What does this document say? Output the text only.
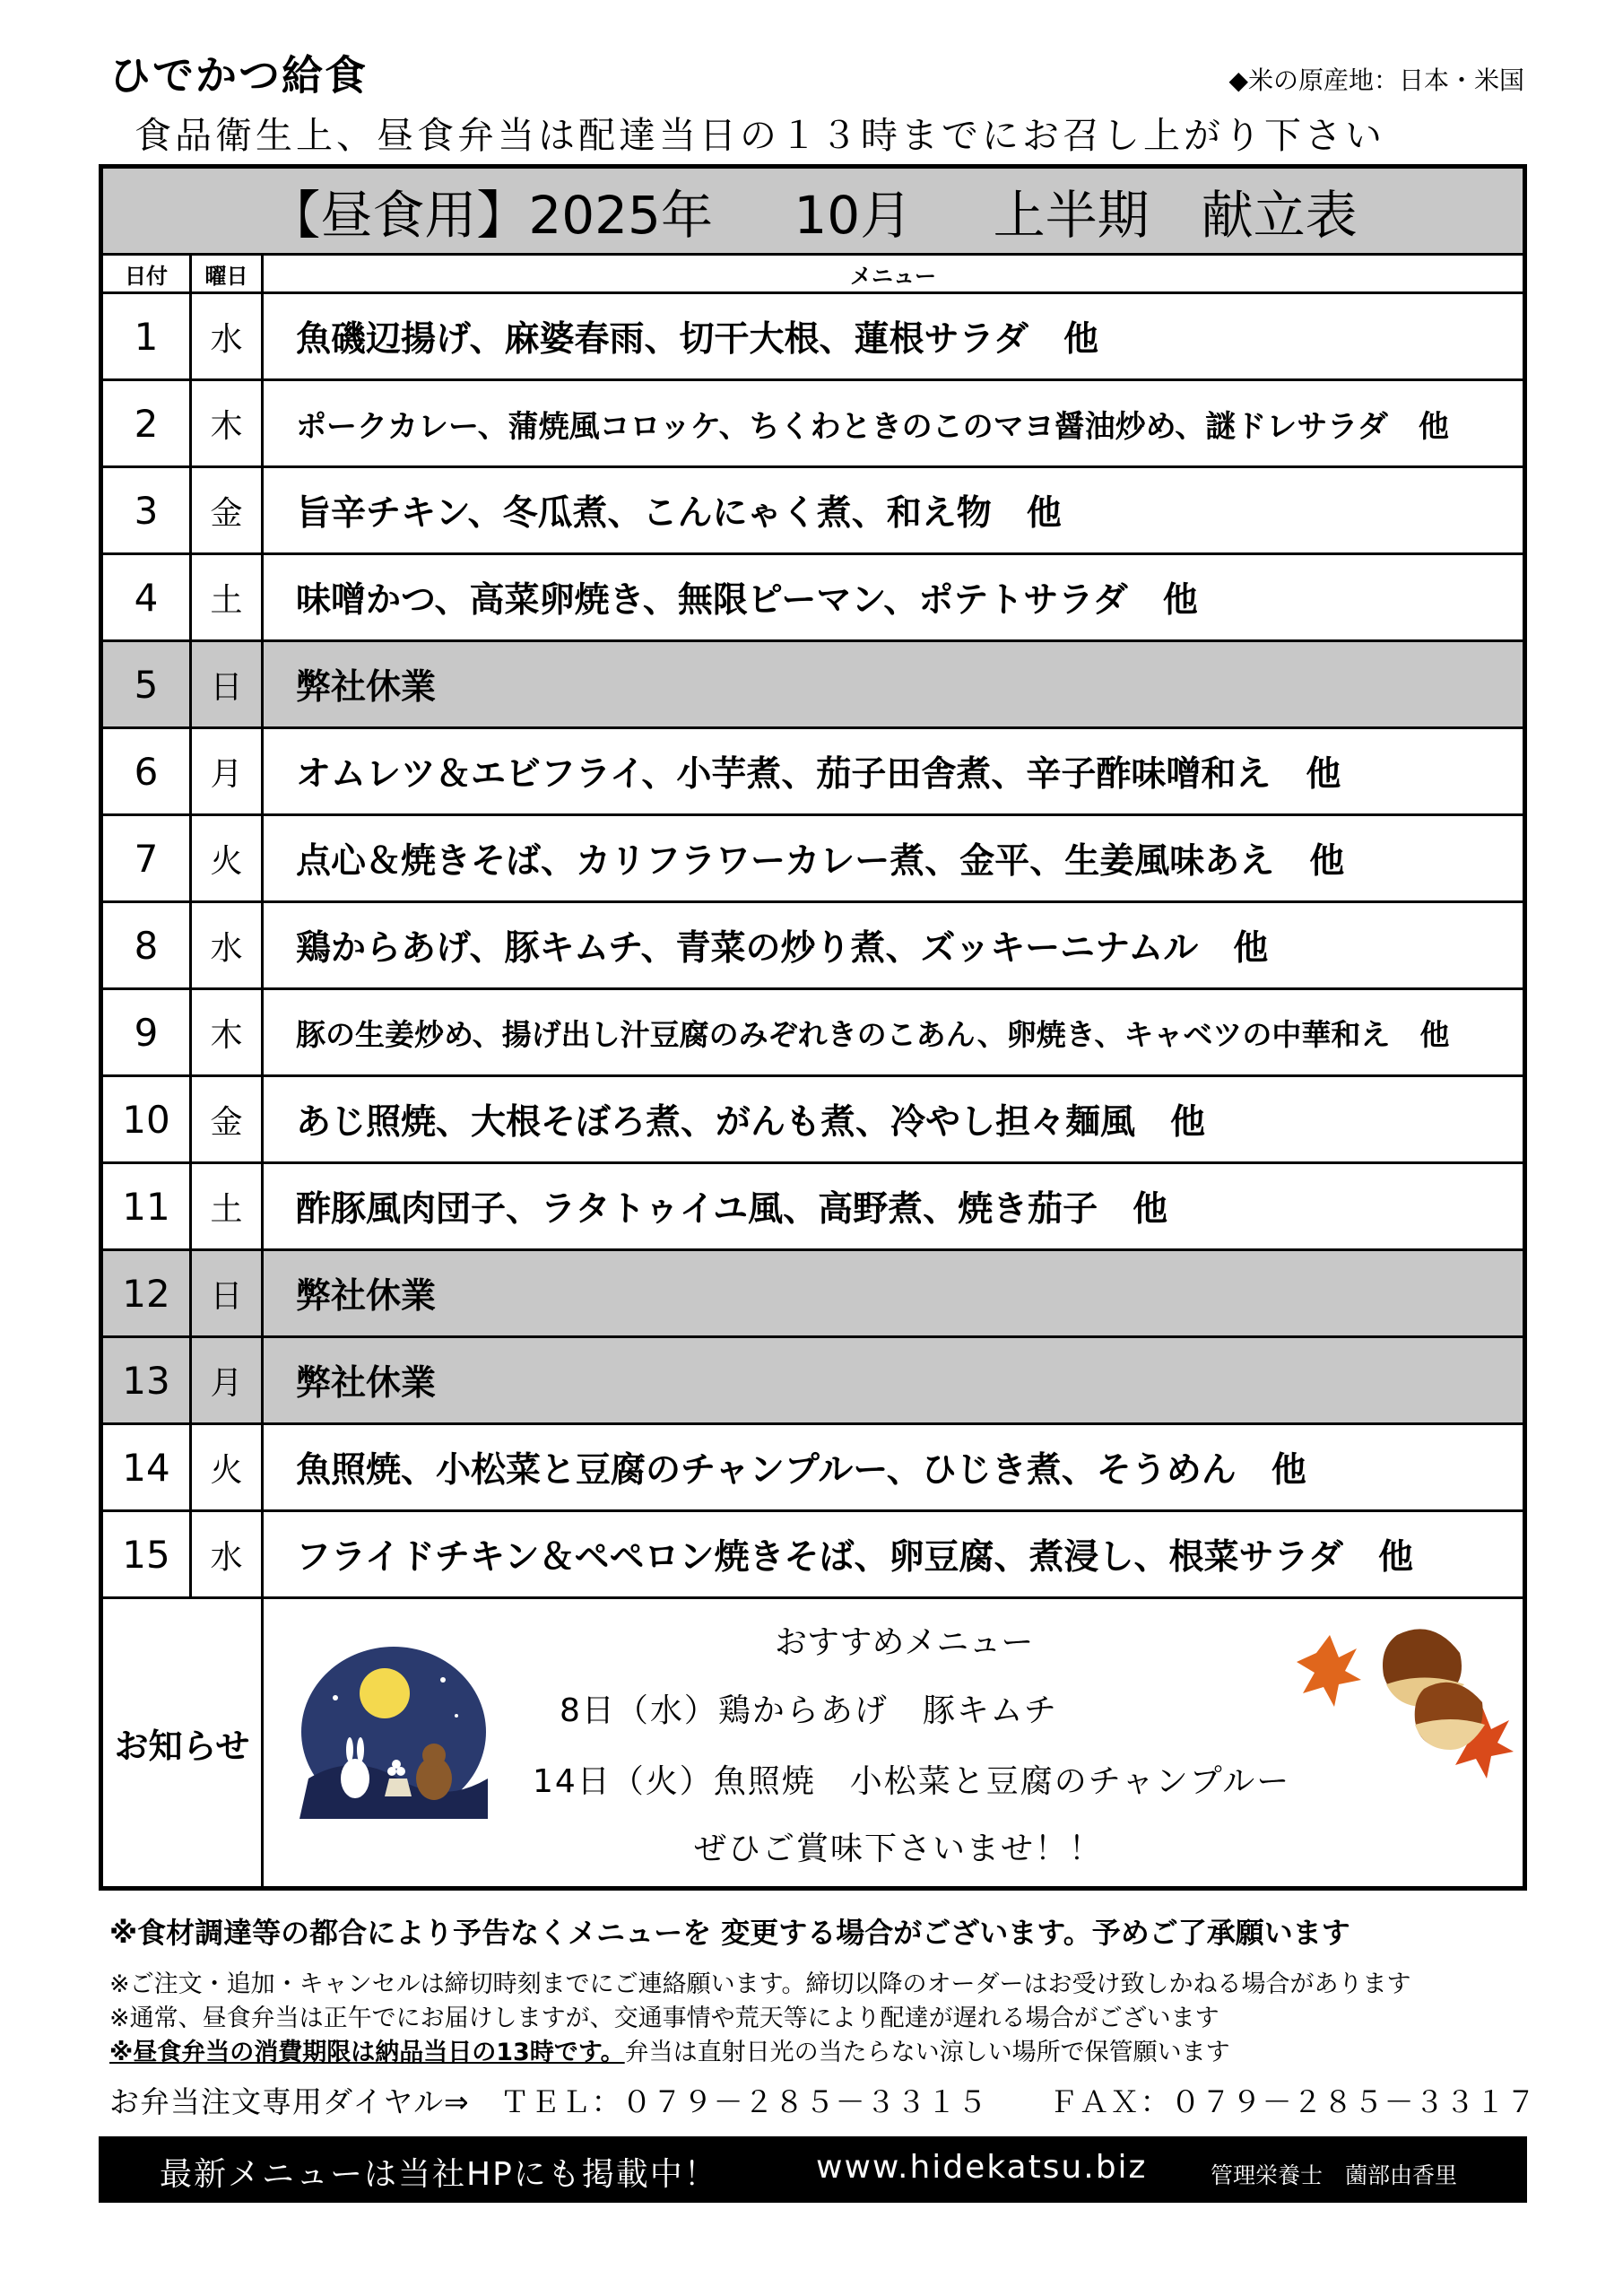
ひでかつ給食	◆米の原産地：日本・米国
食品衛生上、昼食弁当は配達当日の１３時までにお召し上がり下さい
【昼食用】2025年 10月 上半期　献立表		
日付	曜日	メニュー
1	水	魚磯辺揚げ、麻婆春雨、切干大根、蓮根サラダ　他
2	木	ポークカレー、蒲焼風コロッケ、ちくわときのこのマヨ醤油炒め、謎ドレサラダ　他
3	金	旨辛チキン、冬瓜煮、こんにゃく煮、和え物　他
4	土	味噌かつ、高菜卵焼き、無限ピーマン、ポテトサラダ　他
5	日	弊社休業
6	月	オムレツ＆エビフライ、小芋煮、茄子田舎煮、辛子酢味噌和え　他
7	火	点心＆焼きそば、カリフラワーカレー煮、金平、生姜風味あえ　他
8	水	鶏からあげ、豚キムチ、青菜の炒り煮、ズッキーニナムル　他
9	木	豚の生姜炒め、揚げ出し汁豆腐のみぞれきのこあん、卵焼き、キャベツの中華和え　他
10	金	あじ照焼、大根そぼろ煮、がんも煮、冷やし担々麺風　他
11	土	酢豚風肉団子、ラタトゥイユ風、高野煮、焼き茄子　他
12	日	弊社休業
13	月	弊社休業
14	火	魚照焼、小松菜と豆腐のチャンプルー、ひじき煮、そうめん　他
15	水	フライドチキン＆ペペロン焼きそば、卵豆腐、煮浸し、根菜サラダ　他
お知らせ		おすすめメニュー
8日（水）鶏からあげ　豚キムチ
14日（火）魚照焼　小松菜と豆腐のチャンプルー
ぜひご賞味下さいませ！！
※食材調達等の都合により予告なくメニューを 変更する場合がございます。予めご了承願います
※ご注文・追加・キャンセルは締切時刻までにご連絡願います。締切以降のオーダーはお受け致しかねる場合があります
※通常、昼食弁当は正午でにお届けしますが、交通事情や荒天等により配達が遅れる場合がございます
※昼食弁当の消費期限は納品当日の13時です。弁当は直射日光の当たらない涼しい場所で保管願います
お弁当注文専用ダイヤル⇒　ＴＥＬ：０７９－２８５－３３１５　　ＦＡＸ：０７９－２８５－３３１７
最新メニューは当社HPにも掲載中！	www.hidekatsu.biz	管理栄養士　薗部由香里
